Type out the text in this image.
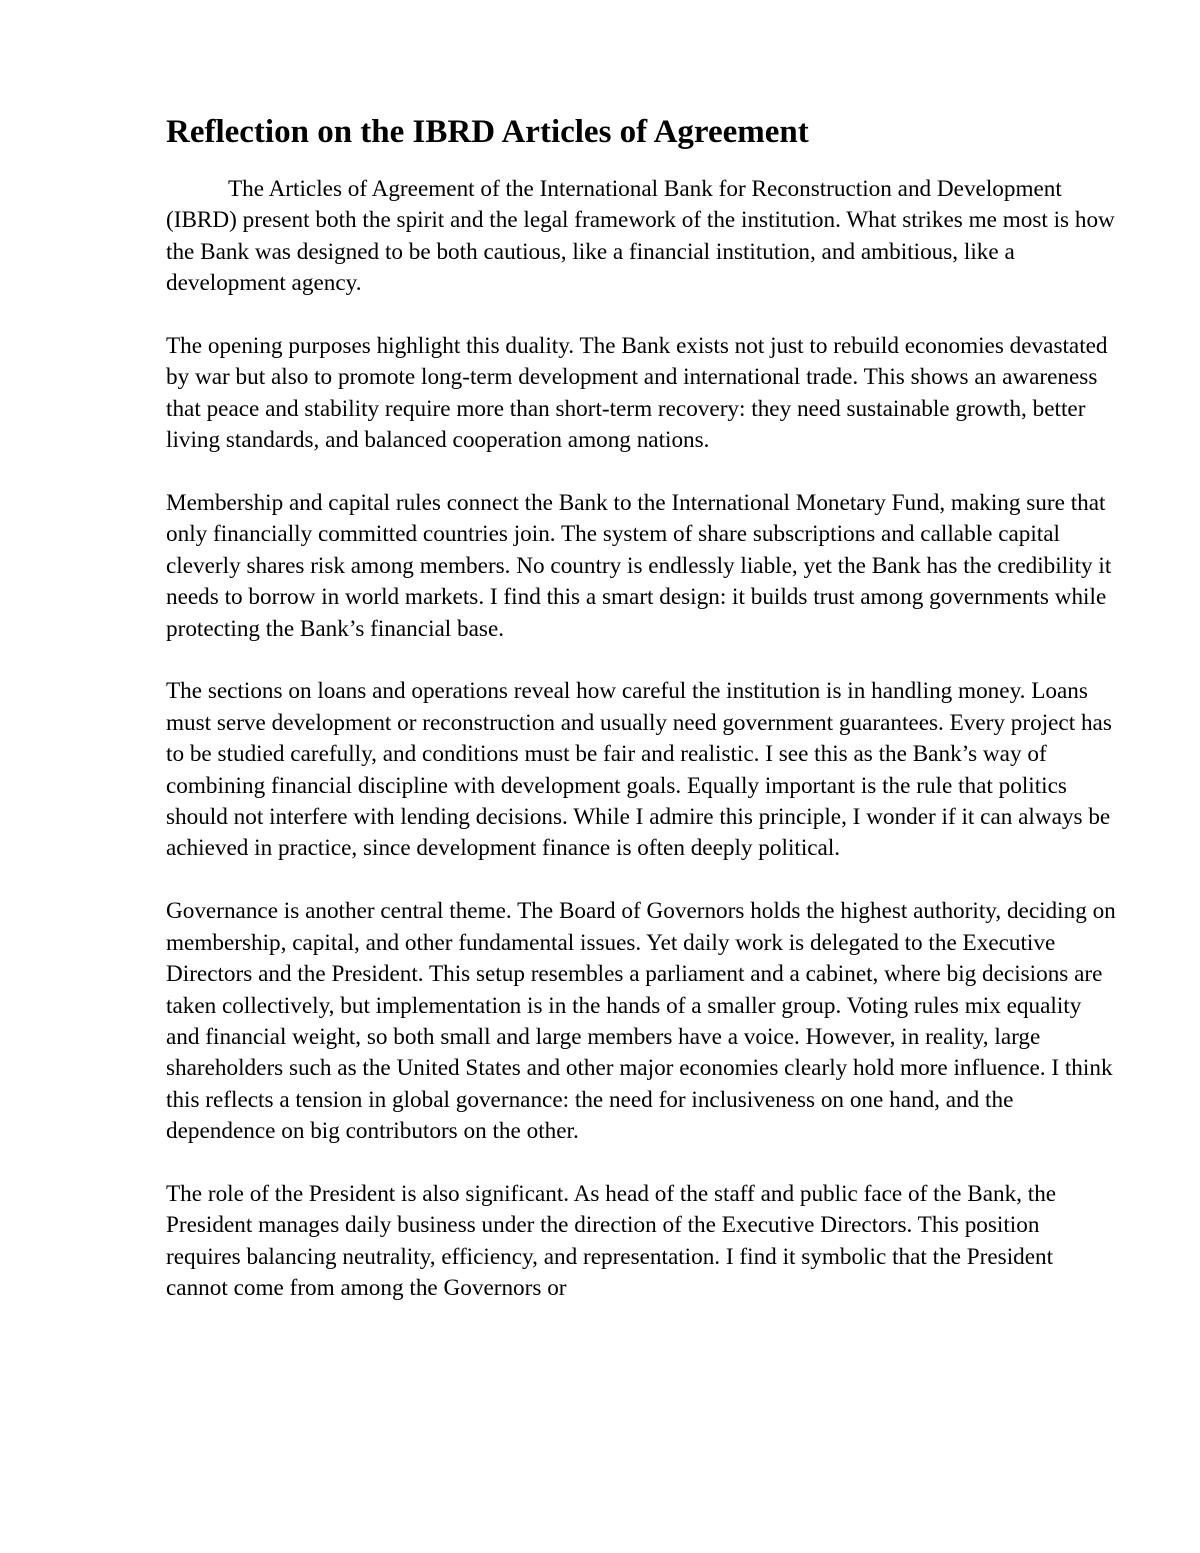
Reflection on the IBRD Articles of Agreement

The Articles of Agreement of the International Bank for Reconstruction and Development (IBRD) present both the spirit and the legal framework of the institution. What strikes me most is how the Bank was designed to be both cautious, like a financial institution, and ambitious, like a development agency.

The opening purposes highlight this duality. The Bank exists not just to rebuild economies devastated by war but also to promote long-term development and international trade. This shows an awareness that peace and stability require more than short-term recovery: they need sustainable growth, better living standards, and balanced cooperation among nations.

Membership and capital rules connect the Bank to the International Monetary Fund, making sure that only financially committed countries join. The system of share subscriptions and callable capital cleverly shares risk among members. No country is endlessly liable, yet the Bank has the credibility it needs to borrow in world markets. I find this a smart design: it builds trust among governments while protecting the Bank’s financial base.

The sections on loans and operations reveal how careful the institution is in handling money. Loans must serve development or reconstruction and usually need government guarantees. Every project has to be studied carefully, and conditions must be fair and realistic. I see this as the Bank’s way of combining financial discipline with development goals. Equally important is the rule that politics should not interfere with lending decisions. While I admire this principle, I wonder if it can always be achieved in practice, since development finance is often deeply political.

Governance is another central theme. The Board of Governors holds the highest authority, deciding on membership, capital, and other fundamental issues. Yet daily work is delegated to the Executive Directors and the President. This setup resembles a parliament and a cabinet, where big decisions are taken collectively, but implementation is in the hands of a smaller group. Voting rules mix equality and financial weight, so both small and large members have a voice. However, in reality, large shareholders such as the United States and other major economies clearly hold more influence. I think this reflects a tension in global governance: the need for inclusiveness on one hand, and the dependence on big contributors on the other.

The role of the President is also significant. As head of the staff and public face of the Bank, the President manages daily business under the direction of the Executive Directors. This position requires balancing neutrality, efficiency, and representation. I find it symbolic that the President cannot come from among the Governors or
